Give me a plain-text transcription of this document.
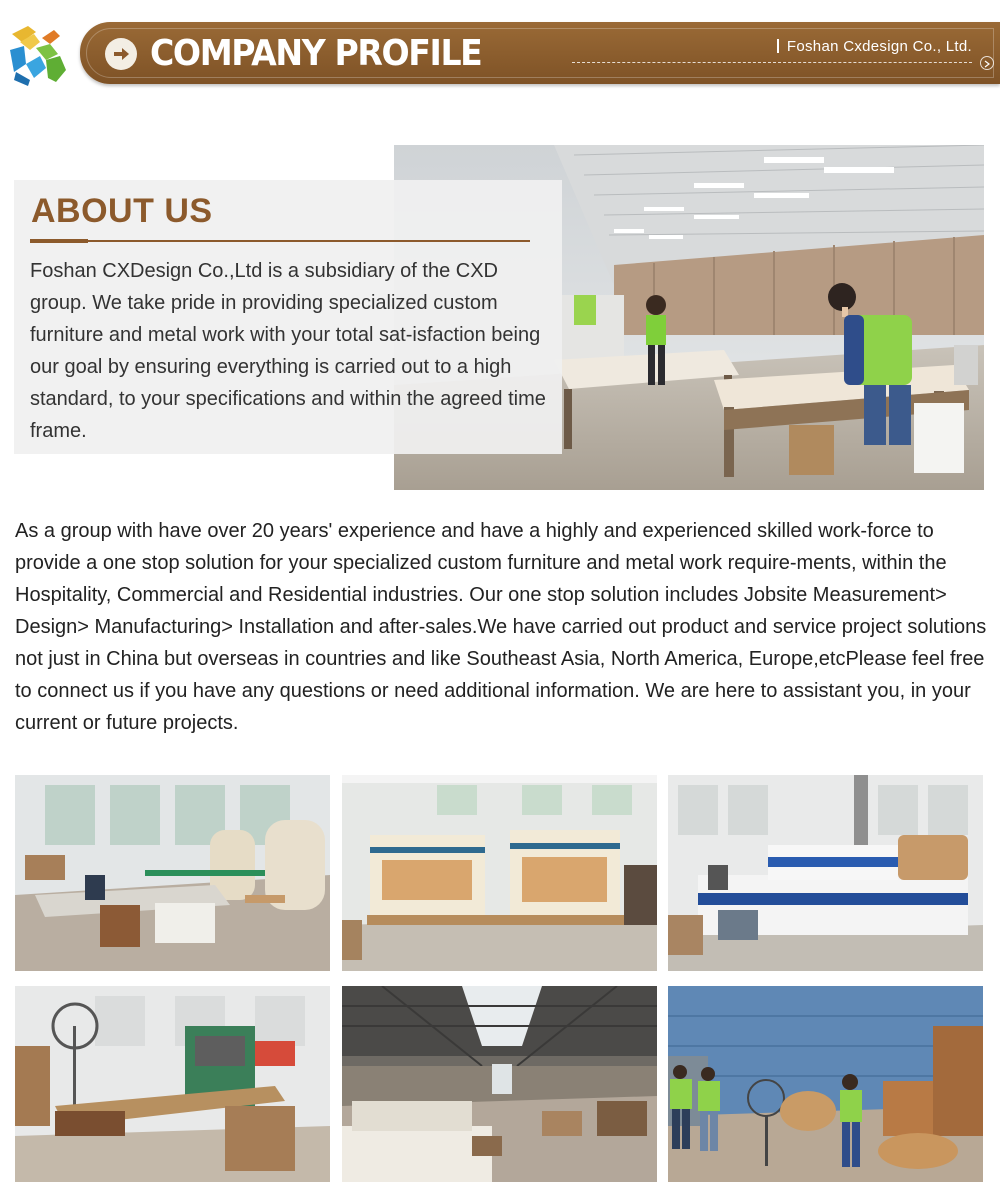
COMPANY PROFILE	Foshan Cxdesign Co., Ltd.
ABOUT US
Foshan CXDesign Co.,Ltd is a subsidiary of the CXD group. We take pride in providing specialized custom furniture and metal work with your total sat-isfaction being our goal by ensuring everything is carried out to a high standard, to your specifications and within the agreed time frame.
As a group with have over 20 years' experience and have a highly and experienced skilled work-force to provide a one stop solution for your specialized custom furniture and metal work require-ments, within the Hospitality, Commercial and Residential industries. Our one stop solution includes Jobsite Measurement> Design> Manufacturing> Installation and after-sales.We have carried out product and service project solutions not just in China but overseas in countries and like Southeast Asia, North America, Europe,etcPlease feel free to connect us if you have any questions or need additional information. We are here to assistant you, in your current or future projects.
